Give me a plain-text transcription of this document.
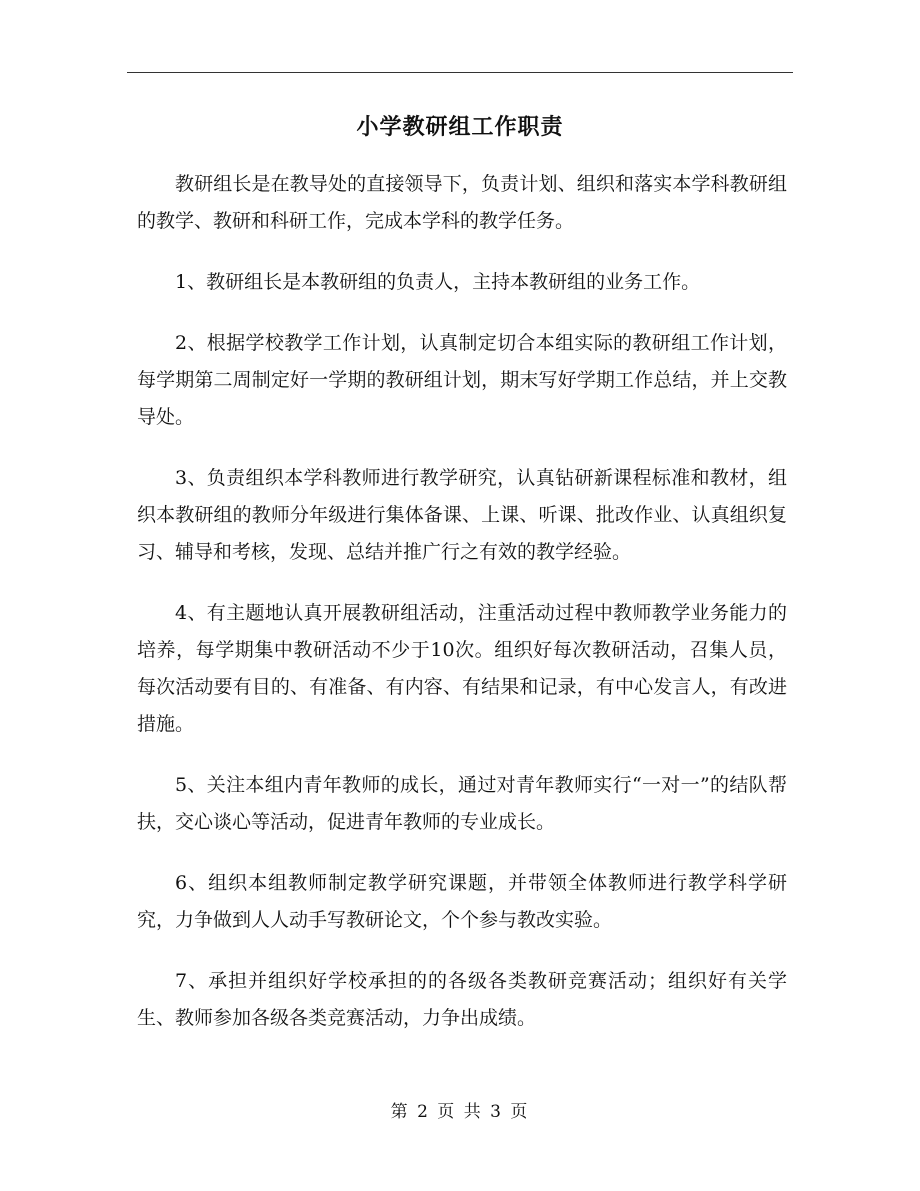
小学教研组工作职责

教研组长是在教导处的直接领导下，负责计划、组织和落实本学科教研组的教学、教研和科研工作，完成本学科的教学任务。

1、教研组长是本教研组的负责人，主持本教研组的业务工作。

2、根据学校教学工作计划，认真制定切合本组实际的教研组工作计划，每学期第二周制定好一学期的教研组计划，期末写好学期工作总结，并上交教导处。

3、负责组织本学科教师进行教学研究，认真钻研新课程标准和教材，组织本教研组的教师分年级进行集体备课、上课、听课、批改作业、认真组织复习、辅导和考核，发现、总结并推广行之有效的教学经验。

4、有主题地认真开展教研组活动，注重活动过程中教师教学业务能力的培养，每学期集中教研活动不少于10次。组织好每次教研活动，召集人员，每次活动要有目的、有准备、有内容、有结果和记录，有中心发言人，有改进措施。

5、关注本组内青年教师的成长，通过对青年教师实行“一对一”的结队帮扶，交心谈心等活动，促进青年教师的专业成长。

6、组织本组教师制定教学研究课题，并带领全体教师进行教学科学研究，力争做到人人动手写教研论文，个个参与教改实验。

7、承担并组织好学校承担的的各级各类教研竞赛活动；组织好有关学生、教师参加各级各类竞赛活动，力争出成绩。

第 2 页 共 3 页
